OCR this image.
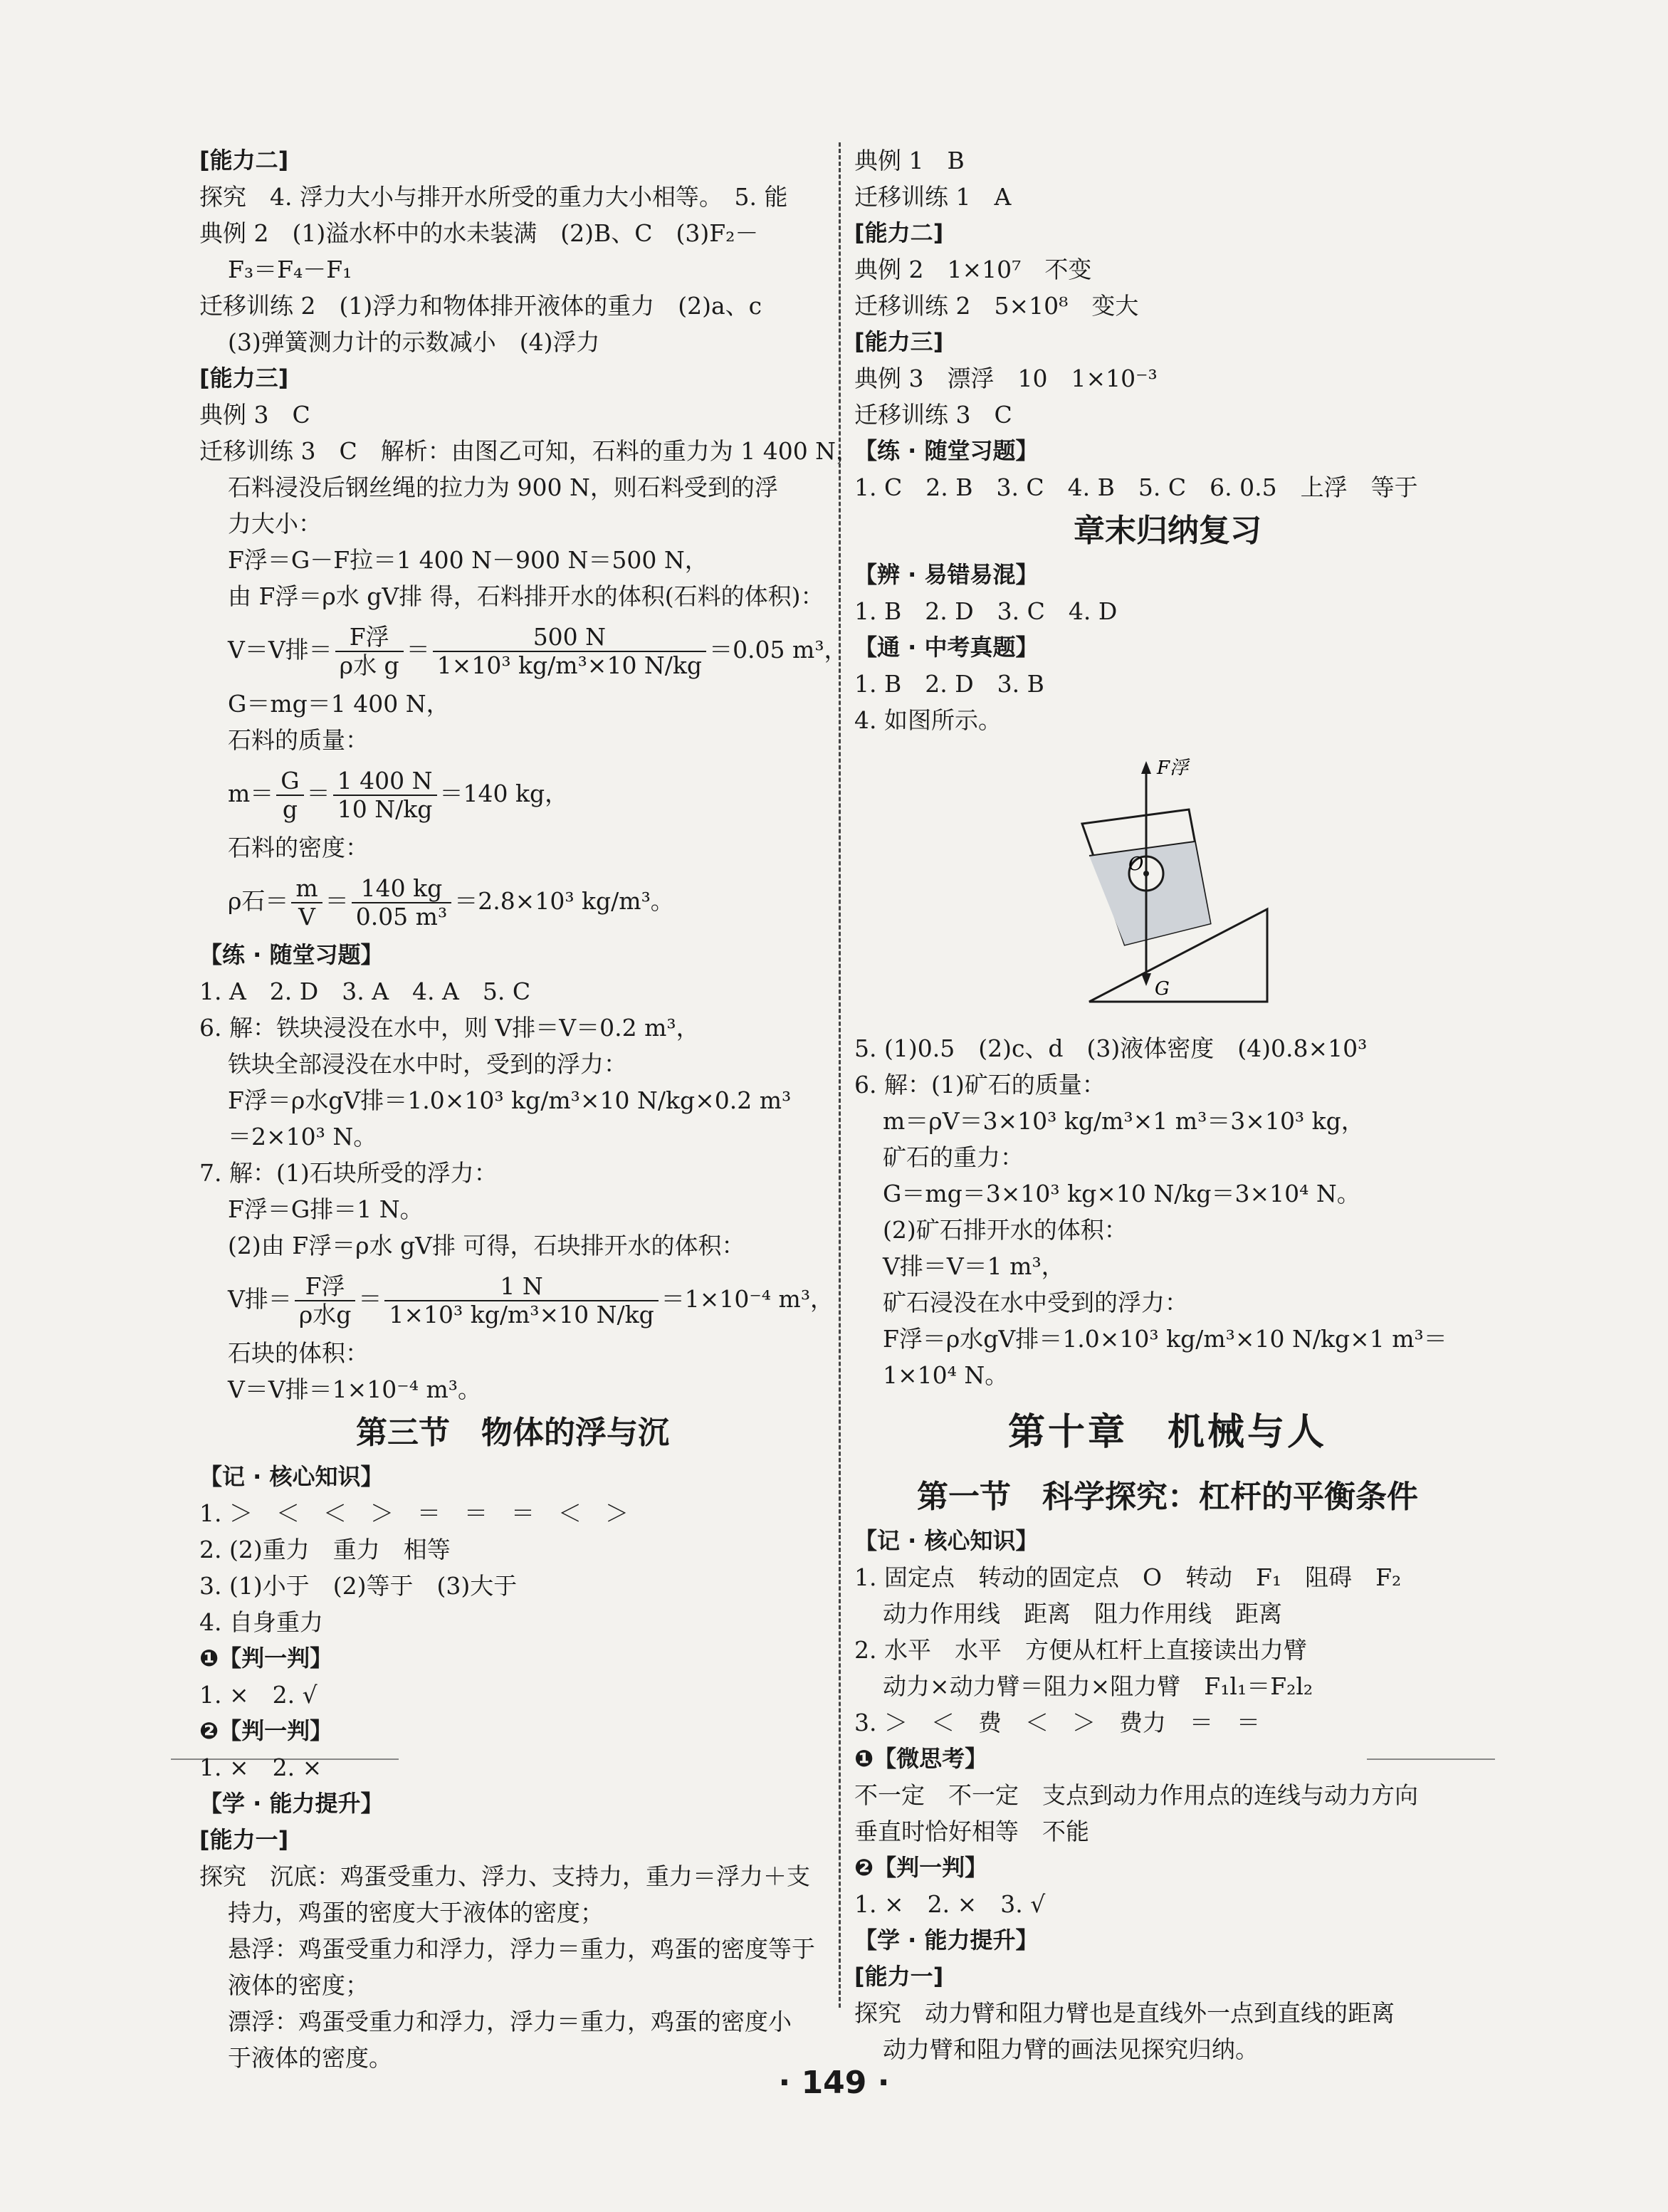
[能力二]
探究　4. 浮力大小与排开水所受的重力大小相等。　5. 能
典例 2　(1)溢水杯中的水未装满　(2)B、C　(3)F₂－
F₃＝F₄－F₁
迁移训练 2　(1)浮力和物体排开液体的重力　(2)a、c
(3)弹簧测力计的示数减小　(4)浮力
[能力三]
典例 3　C
迁移训练 3　C　解析：由图乙可知，石料的重力为 1 400 N，
石料浸没后钢丝绳的拉力为 900 N，则石料受到的浮
力大小：
F浮＝G－F拉＝1 400 N－900 N＝500 N，
由 F浮＝ρ水 gV排 得，石料排开水的体积(石料的体积)：
V＝V排＝ $\frac{\text{F浮}}{\text{ρ水 g}} = \frac{500 N}{\text{1×10³ kg/m³×10 N/kg}} =0.05$ m³，
G＝mg＝1 400 N，
石料的质量：
$m= \frac{G}{g} = \frac{1 400 N}{10 N/kg} =140$ kg，
石料的密度：
ρ石＝ $\frac{m}{V} = \frac{140 kg}{\text{0.05 m³}} =2.8\times 10^3$ kg/m³。
【练 · 随堂习题】
1. A　2. D　3. A　4. A　5. C
6. 解：铁块浸没在水中，则 V排＝V＝0.2 m³，
铁块全部浸没在水中时，受到的浮力：
F浮＝ρ水gV排＝1.0×10³ kg/m³×10 N/kg×0.2 m³
＝2×10³ N。
7. 解：(1)石块所受的浮力：
F浮＝G排＝1 N。
(2)由 F浮＝ρ水 gV排 可得，石块排开水的体积：
V排＝ $\frac{\text{F浮}}{\text{ρ水g}} = \frac{1 N}{\text{1×10³ kg/m³×10 N/kg}} =1\times 10^{-4}$ m³，
石块的体积：
V＝V排＝1×10⁻⁴ m³。
第三节　物体的浮与沉
【记 · 核心知识】
1. ＞　＜　＜　＞　＝　＝　＝　＜　＞
2. (2)重力　重力　相等
3. (1)小于　(2)等于　(3)大于
4. 自身重力
❶【判一判】
1. ×　2. √
❷【判一判】
1. ×　2. ×
【学 · 能力提升】
[能力一]
探究　沉底：鸡蛋受重力、浮力、支持力，重力＝浮力＋支
持力，鸡蛋的密度大于液体的密度；
悬浮：鸡蛋受重力和浮力，浮力＝重力，鸡蛋的密度等于
液体的密度；
漂浮：鸡蛋受重力和浮力，浮力＝重力，鸡蛋的密度小
于液体的密度。
典例 1　B
迁移训练 1　A
[能力二]
典例 2　1×10⁷　不变
迁移训练 2　5×10⁸　变大
[能力三]
典例 3　漂浮　10　1×10⁻³
迁移训练 3　C
【练 · 随堂习题】
1. C　2. B　3. C　4. B　5. C　6. 0.5　上浮　等于
章末归纳复习
【辨 · 易错易混】
1. B　2. D　3. C　4. D
【通 · 中考真题】
1. B　2. D　3. B
4. 如图所示。
F浮
O
G
5. (1)0.5　(2)c、d　(3)液体密度　(4)0.8×10³
6. 解：(1)矿石的质量：
m＝ρV＝3×10³ kg/m³×1 m³＝3×10³ kg，
矿石的重力：
G＝mg＝3×10³ kg×10 N/kg＝3×10⁴ N。
(2)矿石排开水的体积：
V排＝V＝1 m³，
矿石浸没在水中受到的浮力：
F浮＝ρ水gV排＝1.0×10³ kg/m³×10 N/kg×1 m³＝
1×10⁴ N。
第十章　机械与人
第一节　科学探究：杠杆的平衡条件
【记 · 核心知识】
1. 固定点　转动的固定点　O　转动　F₁　阻碍　F₂
动力作用线　距离　阻力作用线　距离
2. 水平　水平　方便从杠杆上直接读出力臂
动力×动力臂＝阻力×阻力臂　F₁l₁＝F₂l₂
3. ＞　＜　费　＜　＞　费力　＝　＝
❶【微思考】
不一定　不一定　支点到动力作用点的连线与动力方向
垂直时恰好相等　不能
❷【判一判】
1. ×　2. ×　3. √
【学 · 能力提升】
[能力一]
探究　动力臂和阻力臂也是直线外一点到直线的距离
动力臂和阻力臂的画法见探究归纳。
· 149 ·
